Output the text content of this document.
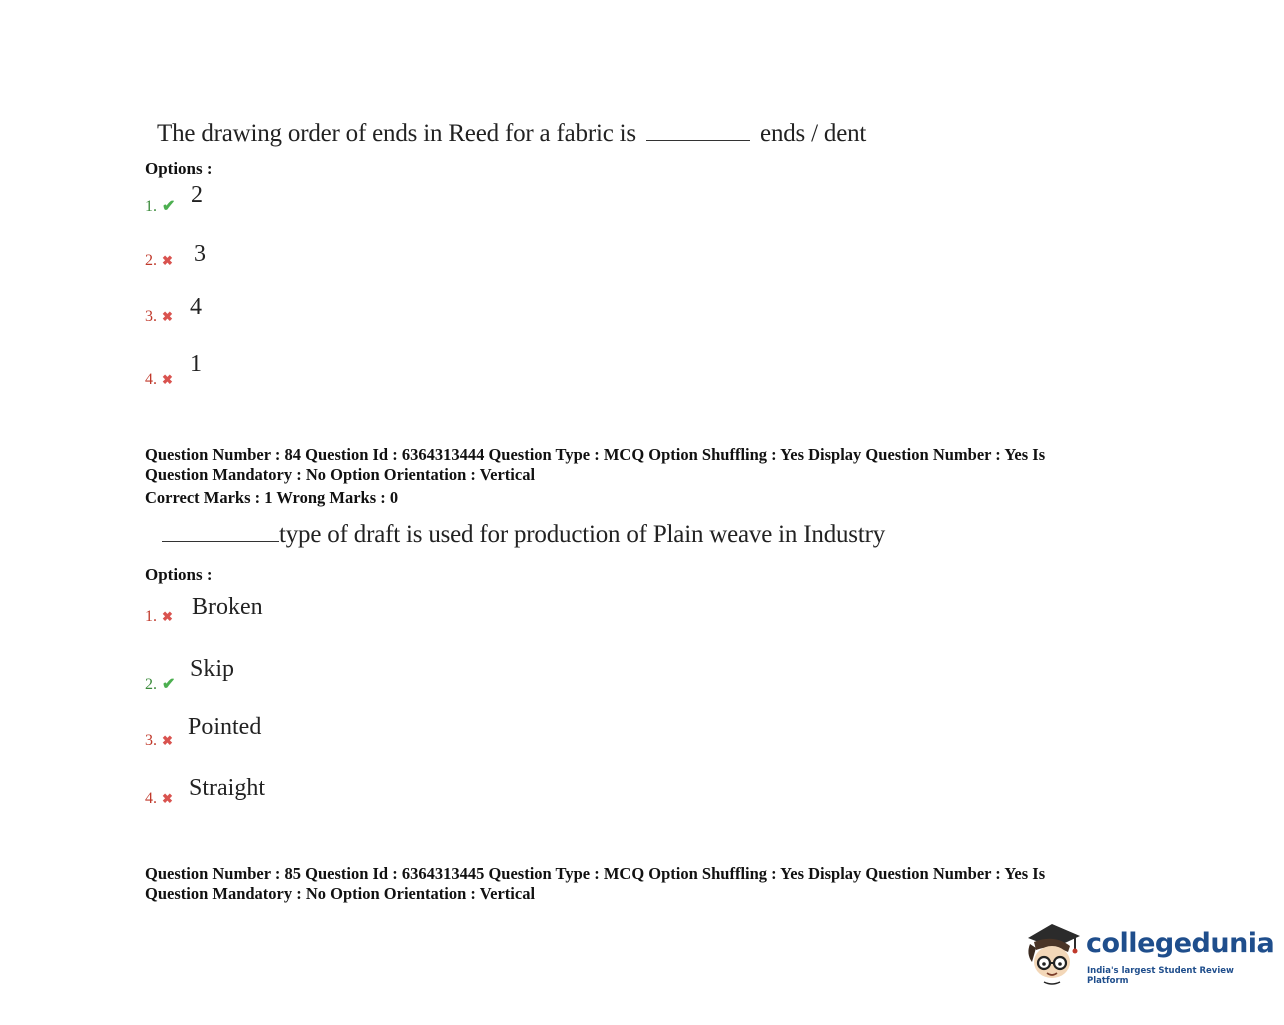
The drawing order of ends in Reed for a fabric is	ends / dent
Options :
1. ✔ 2
2. ✖ 3
3. ✖ 4
4. ✖
1
Question Number : 84 Question Id : 6364313444 Question Type : MCQ Option Shuffling : Yes Display Question Number : Yes Is
Question Mandatory : No Option Orientation : Vertical
Correct Marks : 1 Wrong Marks : 0
type of draft is used for production of Plain weave in Industry
Options :
1. ✖ Broken
2. ✔
Skip
3. ✖
Pointed
4. ✖ Straight
Question Number : 85 Question Id : 6364313445 Question Type : MCQ Option Shuffling : Yes Display Question Number : Yes Is
Question Mandatory : No Option Orientation : Vertical
collegedunia
India's largest Student Review Platform
